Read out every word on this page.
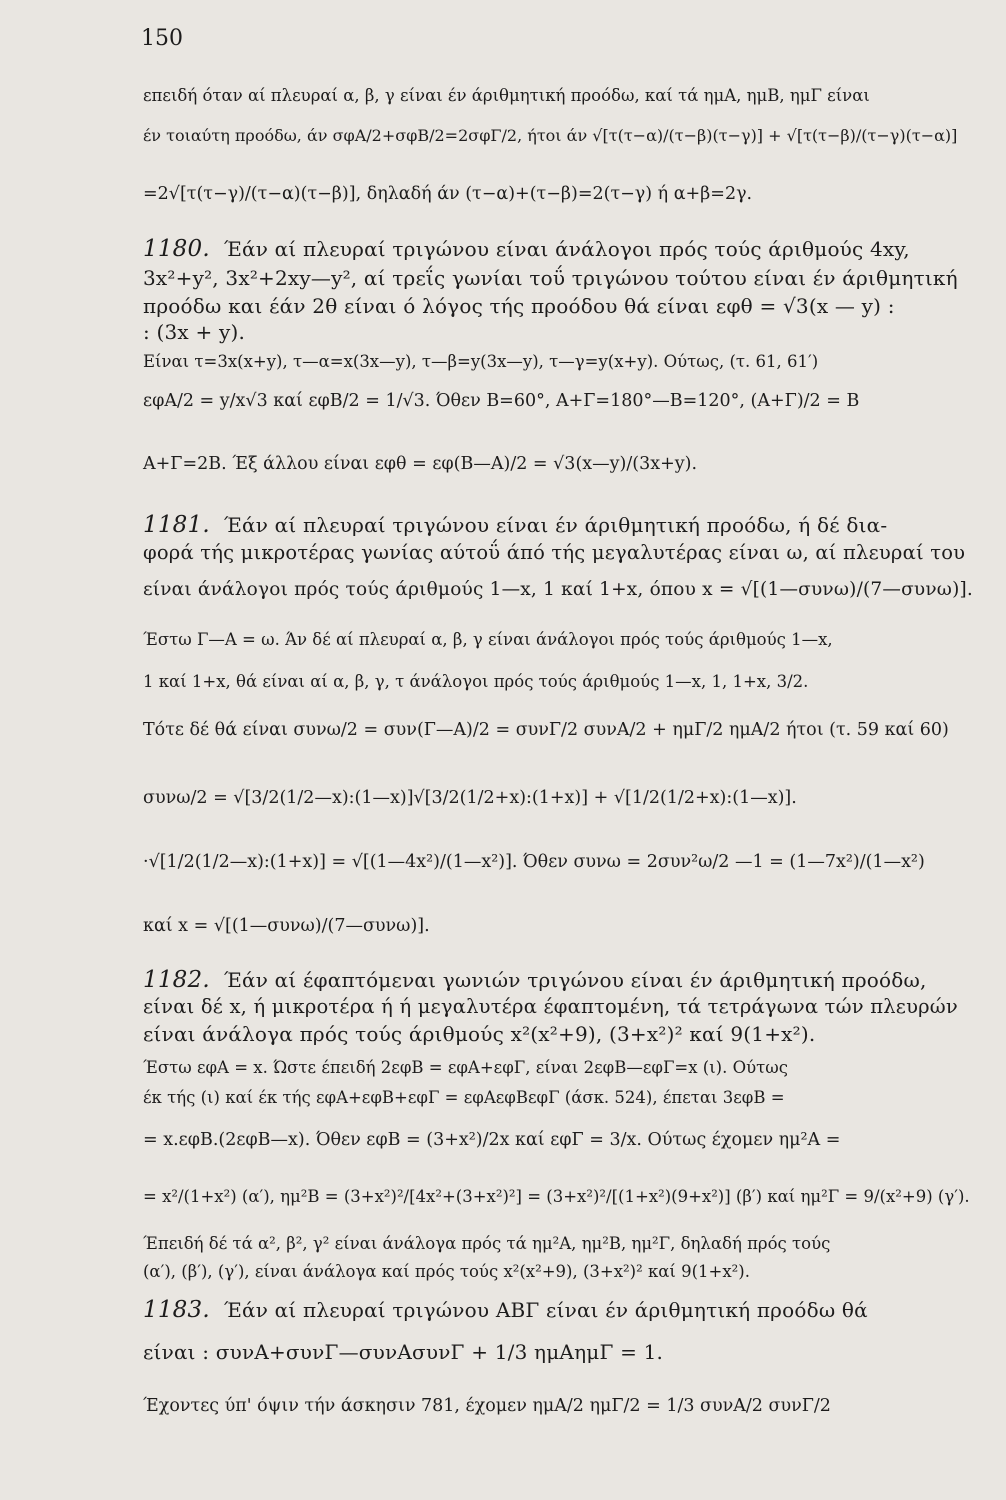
150
επειδή όταν αί πλευραί α, β, γ είναι έν άριθμητική προόδω, καί τά ημΑ, ημΒ, ημΓ είναι
έν τοιαύτη προόδω, άν σφΑ/2+σφΒ/2=2σφΓ/2, ήτοι άν √[τ(τ−α)/(τ−β)(τ−γ)] + √[τ(τ−β)/(τ−γ)(τ−α)]
=2√[τ(τ−γ)/(τ−α)(τ−β)], δηλαδή άν (τ−α)+(τ−β)=2(τ−γ) ή α+β=2γ.
1180. Έάν αί πλευραί τριγώνου είναι άνάλογοι πρός τούς άριθμούς 4xy,
3x²+y², 3x²+2xy—y², αί τρεΐς γωνίαι τοΰ τριγώνου τούτου είναι έν άριθμητική
προόδω και έάν 2θ είναι ό λόγος τής προόδου θά είναι εφθ = √3(x — y) :
: (3x + y).
Είναι τ=3x(x+y), τ—α=x(3x—y), τ—β=y(3x—y), τ—γ=y(x+y). Ούτως, (τ. 61, 61′)
εφΑ/2 = y/x√3 καί εφΒ/2 = 1/√3. Όθεν Β=60°, Α+Γ=180°—Β=120°, (Α+Γ)/2 = Β
Α+Γ=2Β. Έξ άλλου είναι εφθ = εφ(Β—Α)/2 = √3(x—y)/(3x+y).
1181. Έάν αί πλευραί τριγώνου είναι έν άριθμητική προόδω, ή δέ δια-
φορά τής μικροτέρας γωνίας αύτοΰ άπό τής μεγαλυτέρας είναι ω, αί πλευραί του
είναι άνάλογοι πρός τούς άριθμούς 1—x, 1 καί 1+x, όπου x = √[(1—συνω)/(7—συνω)].
Έστω Γ—Α = ω. Άν δέ αί πλευραί α, β, γ είναι άνάλογοι πρός τούς άριθμούς 1—x,
1 καί 1+x, θά είναι αί α, β, γ, τ άνάλογοι πρός τούς άριθμούς 1—x, 1, 1+x, 3/2.
Τότε δέ θά είναι συνω/2 = συν(Γ—Α)/2 = συνΓ/2 συνΑ/2 + ημΓ/2 ημΑ/2 ήτοι (τ. 59 καί 60)
συνω/2 = √[3/2(1/2—x):(1—x)]√[3/2(1/2+x):(1+x)] + √[1/2(1/2+x):(1—x)].
·√[1/2(1/2—x):(1+x)] = √[(1—4x²)/(1—x²)]. Όθεν συνω = 2συν²ω/2 —1 = (1—7x²)/(1—x²)
καί x = √[(1—συνω)/(7—συνω)].
1182. Έάν αί έφαπτόμεναι γωνιών τριγώνου είναι έν άριθμητική προόδω,
είναι δέ x, ή μικροτέρα ή ή μεγαλυτέρα έφαπτομένη, τά τετράγωνα τών πλευρών
είναι άνάλογα πρός τούς άριθμούς x²(x²+9), (3+x²)² καί 9(1+x²).
Έστω εφΑ = x. Ώστε έπειδή 2εφΒ = εφΑ+εφΓ, είναι 2εφΒ—εφΓ=x (ι). Ούτως
έκ τής (ι) καί έκ τής εφΑ+εφΒ+εφΓ = εφΑεφΒεφΓ (άσκ. 524), έπεται 3εφΒ =
= x.εφΒ.(2εφΒ—x). Όθεν εφΒ = (3+x²)/2x καί εφΓ = 3/x. Ούτως έχομεν ημ²Α =
= x²/(1+x²) (α′), ημ²Β = (3+x²)²/[4x²+(3+x²)²] = (3+x²)²/[(1+x²)(9+x²)] (β′) καί ημ²Γ = 9/(x²+9) (γ′).
Έπειδή δέ τά α², β², γ² είναι άνάλογα πρός τά ημ²Α, ημ²Β, ημ²Γ, δηλαδή πρός τούς
(α′), (β′), (γ′), είναι άνάλογα καί πρός τούς x²(x²+9), (3+x²)² καί 9(1+x²).
1183. Έάν αί πλευραί τριγώνου ΑΒΓ είναι έν άριθμητική προόδω θά
είναι : συνΑ+συνΓ—συνΑσυνΓ + 1/3 ημΑημΓ = 1.
Έχοντες ύπ' όψιν τήν άσκησιν 781, έχομεν ημΑ/2 ημΓ/2 = 1/3 συνΑ/2 συνΓ/2
